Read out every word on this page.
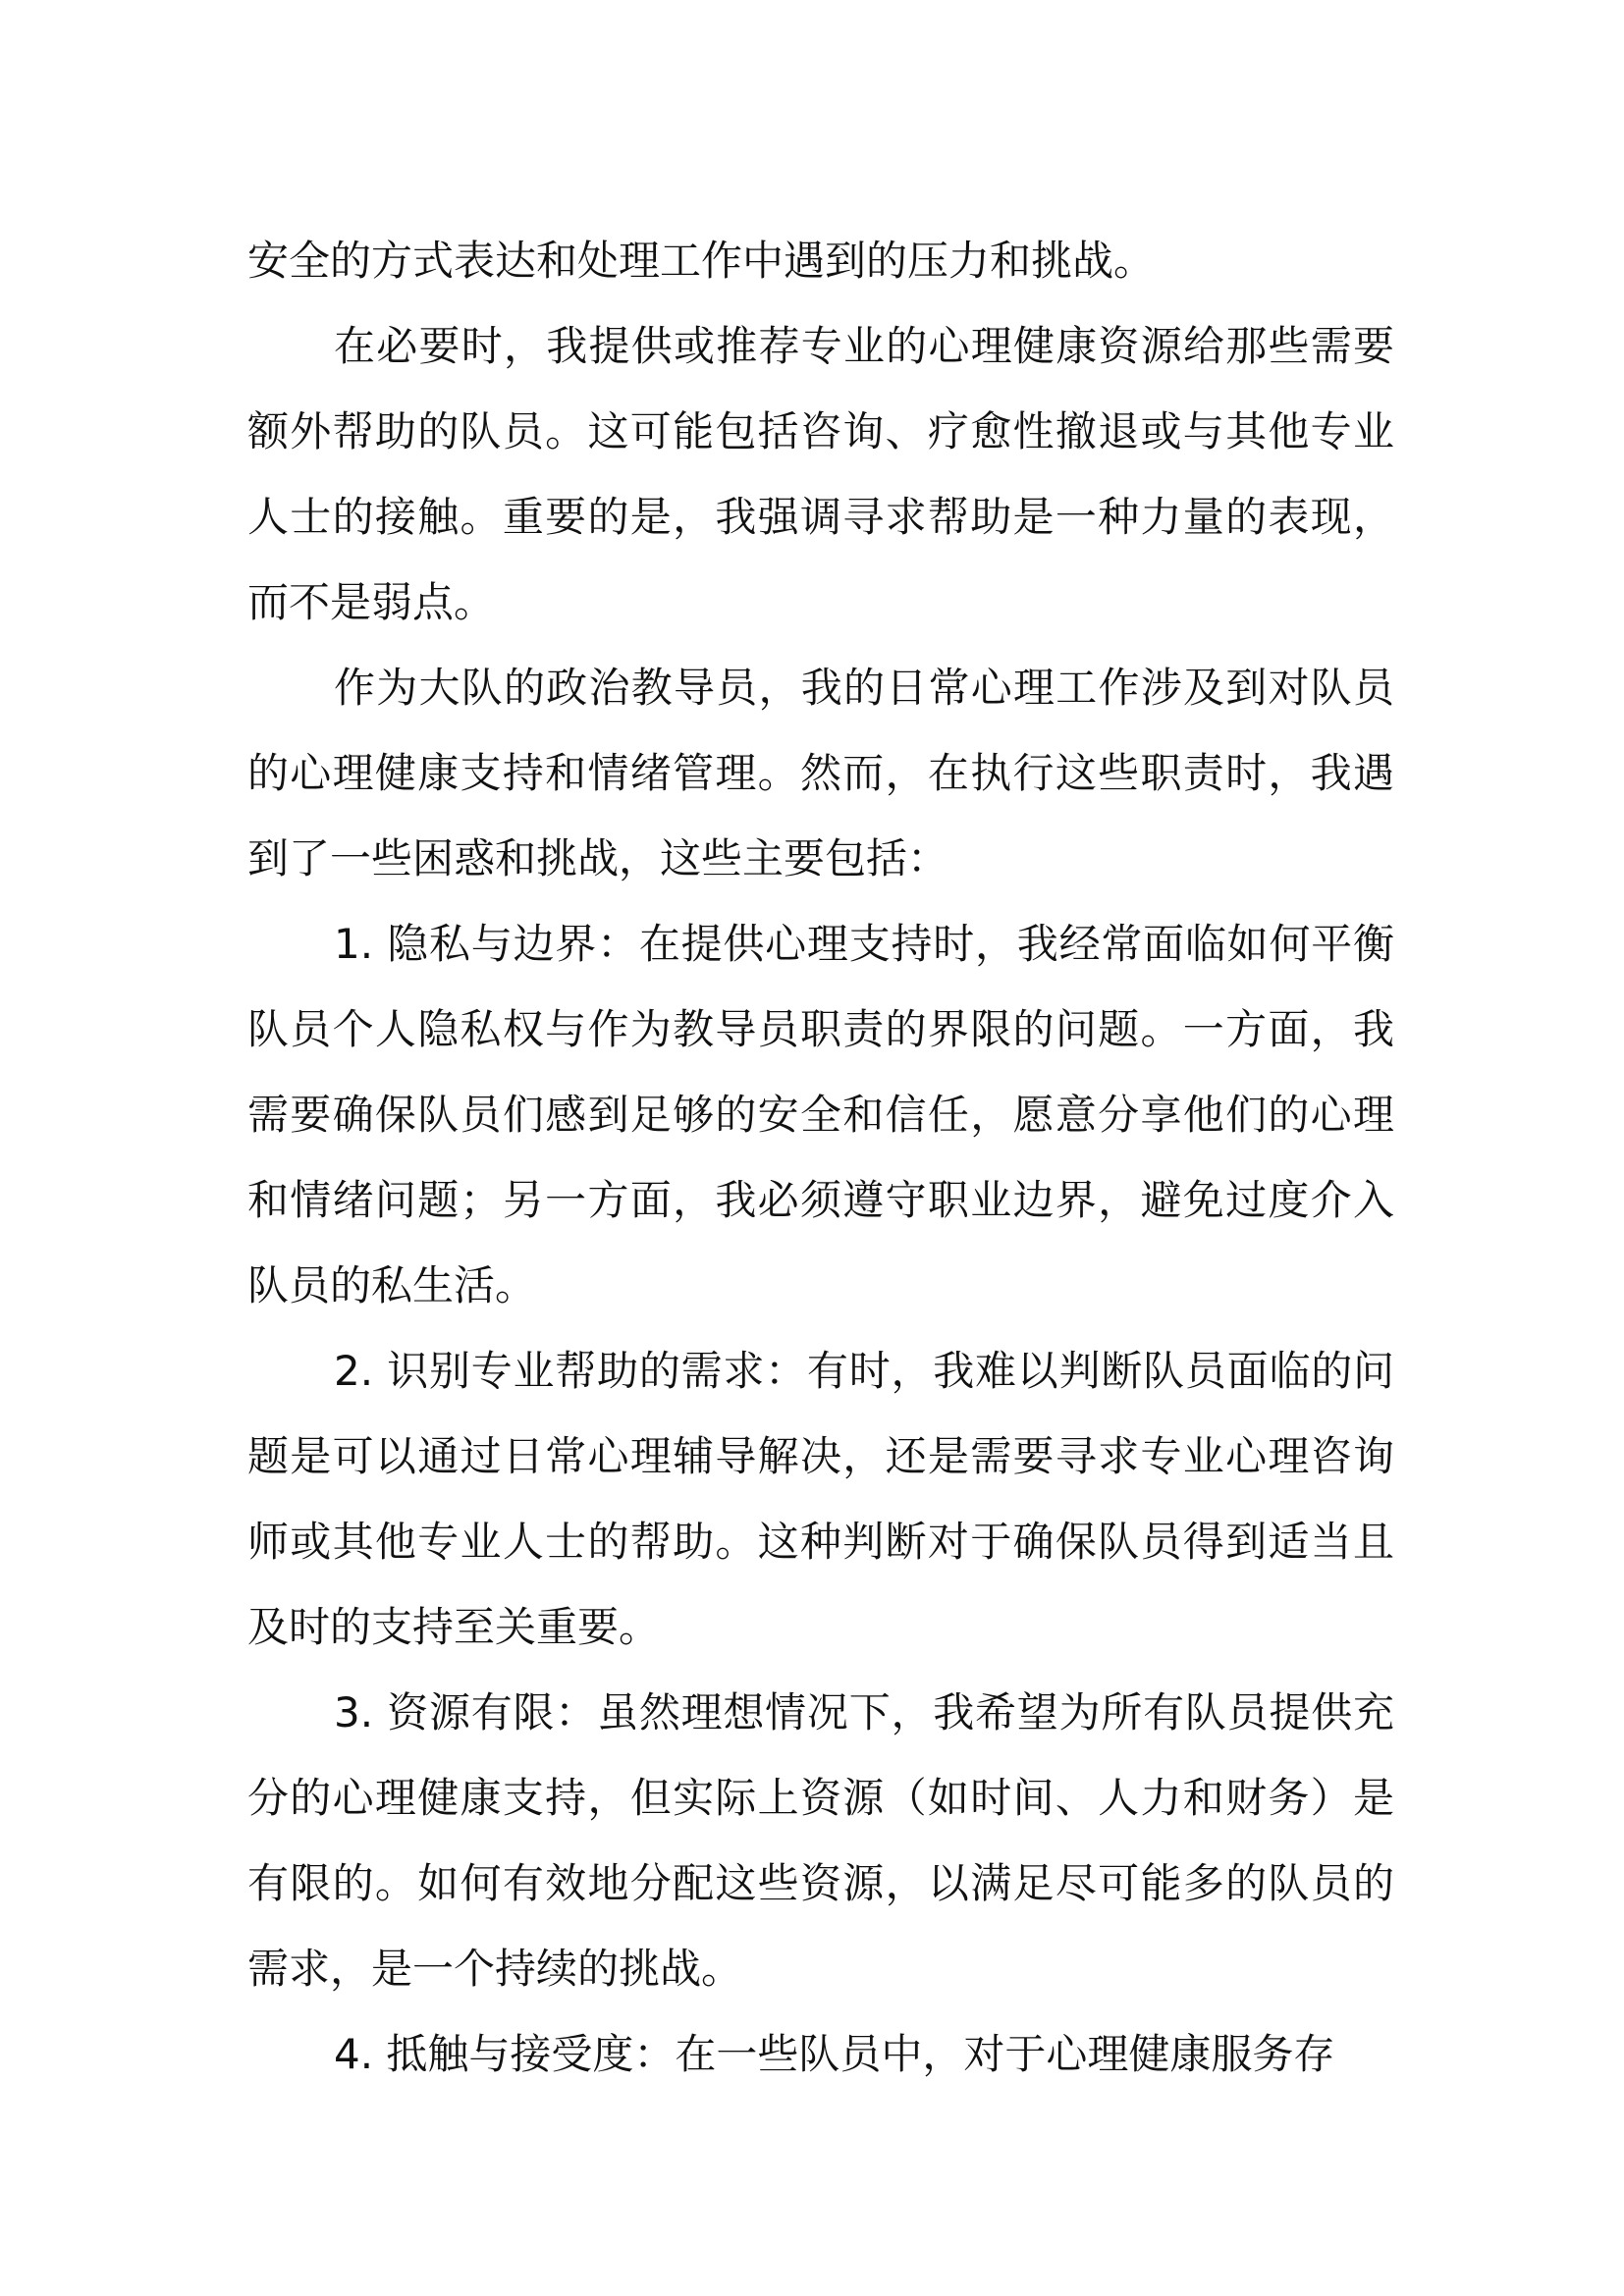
安全的方式表达和处理工作中遇到的压力和挑战。

在必要时，我提供或推荐专业的心理健康资源给那些需要额外帮助的队员。这可能包括咨询、疗愈性撤退或与其他专业人士的接触。重要的是，我强调寻求帮助是一种力量的表现，而不是弱点。

作为大队的政治教导员，我的日常心理工作涉及到对队员的心理健康支持和情绪管理。然而，在执行这些职责时，我遇到了一些困惑和挑战，这些主要包括：

1. 隐私与边界：在提供心理支持时，我经常面临如何平衡队员个人隐私权与作为教导员职责的界限的问题。一方面，我需要确保队员们感到足够的安全和信任，愿意分享他们的心理和情绪问题；另一方面，我必须遵守职业边界，避免过度介入队员的私生活。

2. 识别专业帮助的需求：有时，我难以判断队员面临的问题是可以通过日常心理辅导解决，还是需要寻求专业心理咨询师或其他专业人士的帮助。这种判断对于确保队员得到适当且及时的支持至关重要。

3. 资源有限：虽然理想情况下，我希望为所有队员提供充分的心理健康支持，但实际上资源（如时间、人力和财务）是有限的。如何有效地分配这些资源，以满足尽可能多的队员的需求，是一个持续的挑战。

4. 抵触与接受度：在一些队员中，对于心理健康服务存
